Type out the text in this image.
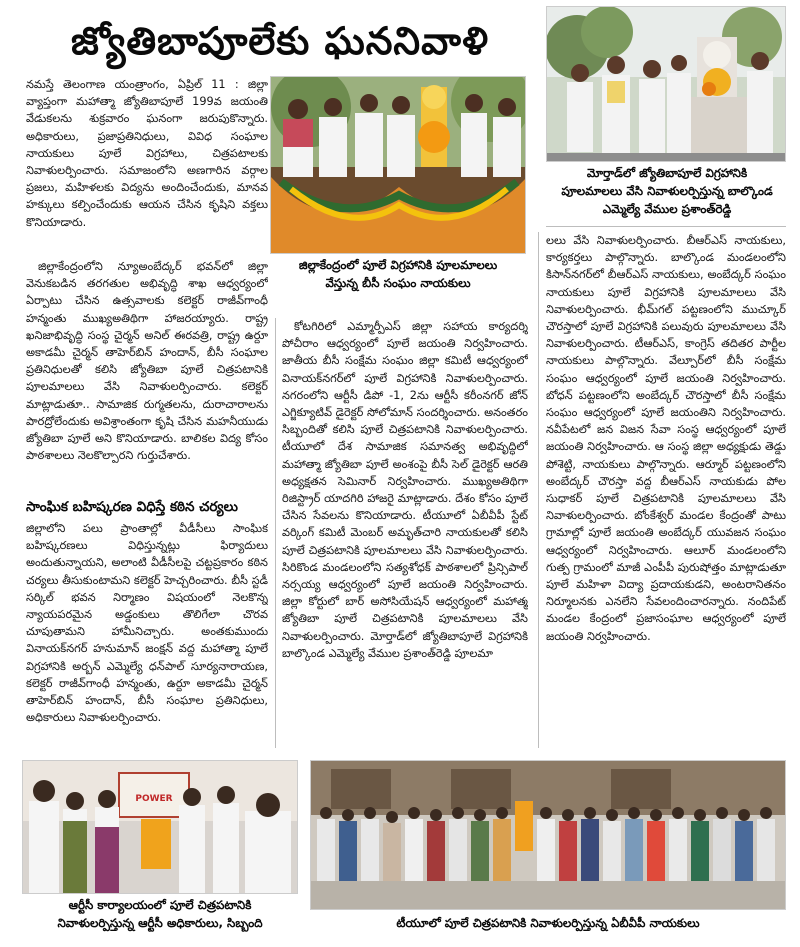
జ్యోతిబాపూలేకు ఘననివాళి
మోర్తాడ్‌లో జ్యోతిబాపూలే విగ్రహానికి పూలమాలలు వేసి నివాళులర్పిస్తున్న బాల్కొండ ఎమ్మెల్యే వేముల ప్రశాంత్‌రెడ్డి
జిల్లాకేంద్రంలో పూలే విగ్రహానికి పూలమాలలు వేస్తున్న బీసీ సంఘం నాయకులు
నమస్తే తెలంగాణ యంత్రాంగం, ఏప్రిల్ 11 : జిల్లా వ్యాప్తంగా మహాత్మా జ్యోతిబాపూలే 199వ జయంతి వేడుకలను శుక్రవారం ఘనంగా జరుపుకొన్నారు. అధికారులు, ప్రజాప్రతినిధులు, వివిధ సంఘాల నాయకులు పూలే విగ్రహాలు, చిత్రపటాలకు నివాళులర్పించారు. సమాజంలోని అణగారిన వర్గాల ప్రజలు, మహిళలకు విద్యను అందించేందుకు, మానవ హక్కులు కల్పించేందుకు ఆయన చేసిన కృషిని వక్తలు కొనియాడారు.
జిల్లాకేంద్రంలోని న్యూఅంబేద్కర్ భవన్‌లో జిల్లా వెనుకబడిన తరగతుల అభివృద్ధి శాఖ ఆధ్వర్యంలో ఏర్పాటు చేసిన ఉత్సవాలకు కలెక్టర్ రాజీవ్‌గాంధీ హన్మంతు ముఖ్యఅతిథిగా హాజరయ్యారు. రాష్ట్ర ఖనిజాభివృద్ధి సంస్థ చైర్మన్ అనిల్ ఈరవత్రి, రాష్ట్ర ఉర్దూ అకాడమీ చైర్మన్ తాహెర్‌బిన్ హందాన్, బీసీ సంఘాల ప్రతినిధులతో కలిసి జ్యోతిబా పూలే చిత్రపటానికి పూలమాలలు వేసి నివాళులర్పించారు. కలెక్టర్ మాట్లాడుతూ.. సామాజిక రుగ్మతలను, దురాచారాలను పారద్రోలేందుకు అవిశ్రాంతంగా కృషి చేసిన మహనీయుడు జ్యోతిబా పూలే అని కొనియాడారు. బాలికల విద్య కోసం పాఠశాలలు నెలకొల్పారని గుర్తుచేశారు.
సాంఘిక బహిష్కరణ విధిస్తే కఠిన చర్యలు
జిల్లాలోని పలు ప్రాంతాల్లో వీడీసీలు సాంఘిక బహిష్కరణలు విధిస్తున్నట్లు ఫిర్యాదులు అందుతున్నాయని, అలాంటి వీడీసీలపై చట్టప్రకారం కఠిన చర్యలు తీసుకుంటామని కలెక్టర్ హెచ్చరించారు. బీసీ స్టడీ సర్కిల్ భవన నిర్మాణం విషయంలో నెలకొన్న న్యాయపరమైన అడ్డంకులు తొలిగేలా చొరవ చూపుతామని హామీనిచ్చారు. అంతకుముందు వినాయక్‌నగర్ హనుమాన్ జంక్షన్ వద్ద మహాత్మా పూలే విగ్రహానికి అర్బన్ ఎమ్మెల్యే ధన్‌పాల్ సూర్యనారాయణ, కలెక్టర్ రాజీవ్‌గాంధీ హన్మంతు, ఉర్దూ అకాడమీ చైర్మన్ తాహెర్‌బిన్ హందాన్, బీసీ సంఘాల ప్రతినిధులు, అధికారులు నివాళులర్పించారు.
కోటగిరిలో ఎమ్మార్పీఎస్ జిల్లా సహాయ కార్యదర్శి పోచీరాం ఆధ్వర్యంలో పూలే జయంతి నిర్వహించారు. జాతీయ బీసీ సంక్షేమ సంఘం జిల్లా కమిటీ ఆధ్వర్యంలో వినాయక్‌నగర్‌లో పూలే విగ్రహానికి నివాళులర్పించారు. నగరంలోని ఆర్టీసీ డిపో -1, 2ను ఆర్టీసీ కరీంనగర్ జోన్ ఎగ్జిక్యూటివ్ డైరెక్టర్ సోలోమాన్ సందర్శించారు. అనంతరం సిబ్బందితో కలిసి పూలే చిత్రపటానికి నివాళులర్పించారు. టీయూలో దేశ సామాజిక సమానత్వ అభివృద్ధిలో మహాత్మా జ్యోతిబా పూలే అంశంపై బీసీ సెల్ డైరెక్టర్ ఆరతి అధ్యక్షతన సెమినార్ నిర్వహించారు. ముఖ్యఅతిథిగా రిజిస్ట్రార్ యాదగిరి హాజరై మాట్లాడారు. దేశం కోసం పూలే చేసిన సేవలను కొనియాడారు. టీయూలో ఏబీవీపీ స్టేట్ వర్కింగ్ కమిటీ మెంబర్ అమృత్‌చారి నాయకులతో కలిసి పూలే చిత్రపటానికి పూలమాలలు వేసి నివాళులర్పించారు. సిరికొండ మండలంలోని సత్యశోధక్ పాఠశాలలో ప్రిన్సిపాల్ నర్సయ్య ఆధ్వర్యంలో పూలే జయంతి నిర్వహించారు. జిల్లా కోర్టులో బార్ అసోసియేషన్ ఆధ్వర్యంలో మహాత్మ జ్యోతిబా పూలే చిత్రపటానికి పూలమాలలు వేసి నివాళులర్పించారు. మోర్తాడ్‌లో జ్యోతిబాపూలే విగ్రహానికి బాల్కొండ ఎమ్మెల్యే వేముల ప్రశాంత్‌రెడ్డి పూలమా
లలు వేసి నివాళులర్పించారు. బీఆర్ఎస్ నాయకులు, కార్యకర్తలు పాల్గొన్నారు. బాల్కొండ మండలంలోని కిసాన్‌నగర్‌లో బీఆర్ఎస్ నాయకులు, అంబేద్కర్ సంఘం నాయకులు పూలే విగ్రహానికి పూలమాలలు వేసి నివాళులర్పించారు. భీమ్‌గల్ పట్టణంలోని ముచ్కూర్ చౌరస్తాలో పూలే విగ్రహానికి పలువురు పూలమాలలు వేసి నివాళులర్పించారు. టీఆర్ఎస్, కాంగ్రెస్ తదితర పార్టీల నాయకులు పాల్గొన్నారు. వేల్పూర్‌లో బీసీ సంక్షేమ సంఘం ఆధ్వర్యంలో పూలే జయంతి నిర్వహించారు. బోధన్ పట్టణంలోని అంబేద్కర్ చౌరస్తాలో బీసీ సంక్షేమ సంఘం ఆధ్వర్యంలో పూలే జయంతిని నిర్వహించారు. నవీపేటలో జన విజన సేవా సంస్థ ఆధ్వర్యంలో పూలే జయంతి నిర్వహించారు. ఆ సంస్థ జిల్లా అధ్యక్షుడు తెడ్డు పోశెట్టి, నాయకులు పాల్గొన్నారు. ఆర్మూర్ పట్టణంలోని అంబేద్కర్ చౌరస్తా వద్ద బీఆర్ఎస్ నాయకుడు పోల సుధాకర్ పూలే చిత్రపటానికి పూలమాలలు వేసి నివాళులర్పించారు. బోంకేశ్వర్ మండల కేంద్రంతో పాటు గ్రామాల్లో పూలే జయంతి అంబేద్కర్ యువజన సంఘం ఆధ్వర్యంలో నిర్వహించారు. ఆలూర్ మండలంలోని గుత్ప గ్రామంలో మాజీ ఎంపీపీ పురుషోత్తం మాట్లాడుతూ పూలే మహిళా విద్యా ప్రదాయకుడని, అంటరానితనం నిర్మూలనకు ఎనలేని సేవలందించారన్నారు. నందిపేట్ మండల కేంద్రంలో ప్రజాసంఘాల ఆధ్వర్యంలో పూలే జయంతి నిర్వహించారు.
POWER
ఆర్టీసీ కార్యాలయంలో పూలే చిత్రపటానికి నివాళులర్పిస్తున్న ఆర్టీసీ అధికారులు, సిబ్బంది	టీయూలో పూలే చిత్రపటానికి నివాళులర్పిస్తున్న ఏబీవీపీ నాయకులు
